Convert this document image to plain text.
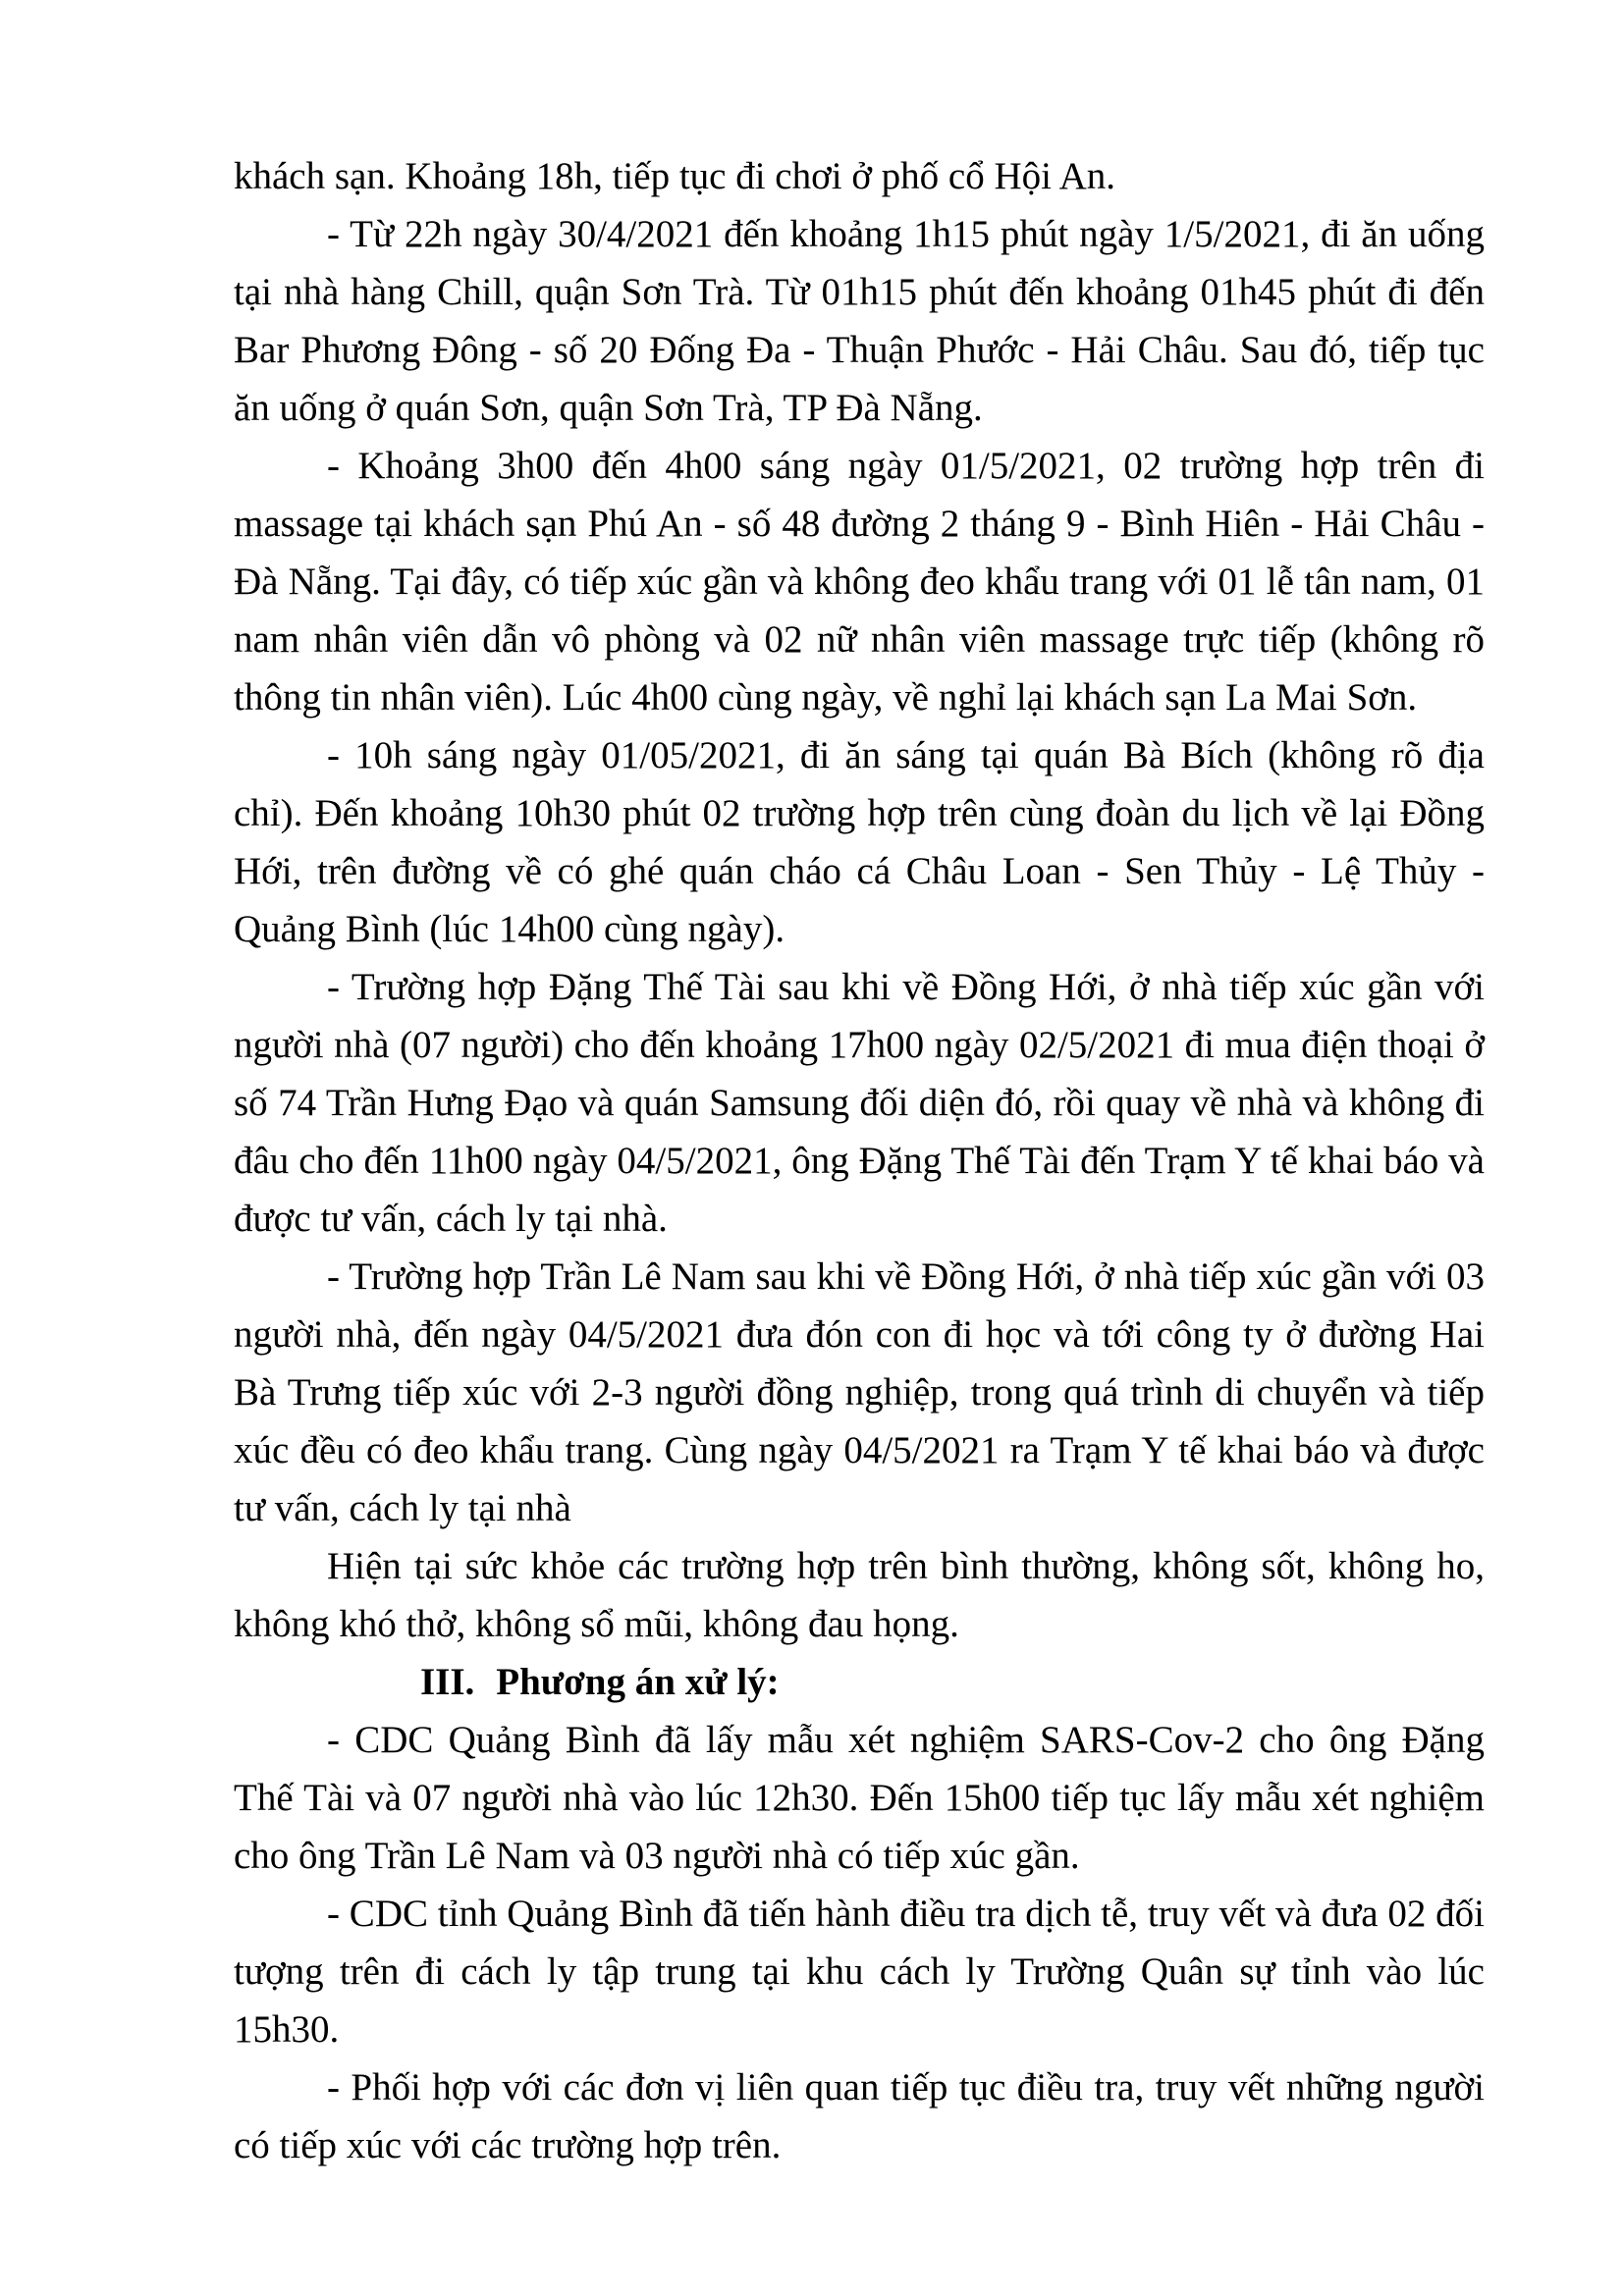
khách sạn. Khoảng 18h, tiếp tục đi chơi ở phố cổ Hội An.

- Từ 22h ngày 30/4/2021 đến khoảng 1h15 phút ngày 1/5/2021, đi ăn uống tại nhà hàng Chill, quận Sơn Trà. Từ 01h15 phút đến khoảng 01h45 phút đi đến Bar Phương Đông - số 20 Đống Đa - Thuận Phước - Hải Châu. Sau đó, tiếp tục ăn uống ở quán Sơn, quận Sơn Trà, TP Đà Nẵng.

- Khoảng 3h00 đến 4h00 sáng ngày 01/5/2021, 02 trường hợp trên đi massage tại khách sạn Phú An - số 48 đường 2 tháng 9 - Bình Hiên - Hải Châu - Đà Nẵng. Tại đây, có tiếp xúc gần và không đeo khẩu trang với 01 lễ tân nam, 01 nam nhân viên dẫn vô phòng và 02 nữ nhân viên massage trực tiếp (không rõ thông tin nhân viên). Lúc 4h00 cùng ngày, về nghỉ lại khách sạn La Mai Sơn.

- 10h sáng ngày 01/05/2021, đi ăn sáng tại quán Bà Bích (không rõ địa chỉ). Đến khoảng 10h30 phút 02 trường hợp trên cùng đoàn du lịch về lại Đồng Hới, trên đường về có ghé quán cháo cá Châu Loan - Sen Thủy - Lệ Thủy - Quảng Bình (lúc 14h00 cùng ngày).

- Trường hợp Đặng Thế Tài sau khi về Đồng Hới, ở nhà tiếp xúc gần với người nhà (07 người) cho đến khoảng 17h00 ngày 02/5/2021 đi mua điện thoại ở số 74 Trần Hưng Đạo và quán Samsung đối diện đó, rồi quay về nhà và không đi đâu cho đến 11h00 ngày 04/5/2021, ông Đặng Thế Tài đến Trạm Y tế khai báo và được tư vấn, cách ly tại nhà.

- Trường hợp Trần Lê Nam sau khi về Đồng Hới, ở nhà tiếp xúc gần với 03 người nhà, đến ngày 04/5/2021 đưa đón con đi học và tới công ty ở đường Hai Bà Trưng tiếp xúc với 2-3 người đồng nghiệp, trong quá trình di chuyển và tiếp xúc đều có đeo khẩu trang. Cùng ngày 04/5/2021 ra Trạm Y tế khai báo và được tư vấn, cách ly tại nhà

Hiện tại sức khỏe các trường hợp trên bình thường, không sốt, không ho, không khó thở, không sổ mũi, không đau họng.

III. Phương án xử lý:

- CDC Quảng Bình đã lấy mẫu xét nghiệm SARS-Cov-2 cho ông Đặng Thế Tài và 07 người nhà vào lúc 12h30. Đến 15h00 tiếp tục lấy mẫu xét nghiệm cho ông Trần Lê Nam và 03 người nhà có tiếp xúc gần.

- CDC tỉnh Quảng Bình đã tiến hành điều tra dịch tễ, truy vết và đưa 02 đối tượng trên đi cách ly tập trung tại khu cách ly Trường Quân sự tỉnh vào lúc 15h30.

- Phối hợp với các đơn vị liên quan tiếp tục điều tra, truy vết những người có tiếp xúc với các trường hợp trên.
